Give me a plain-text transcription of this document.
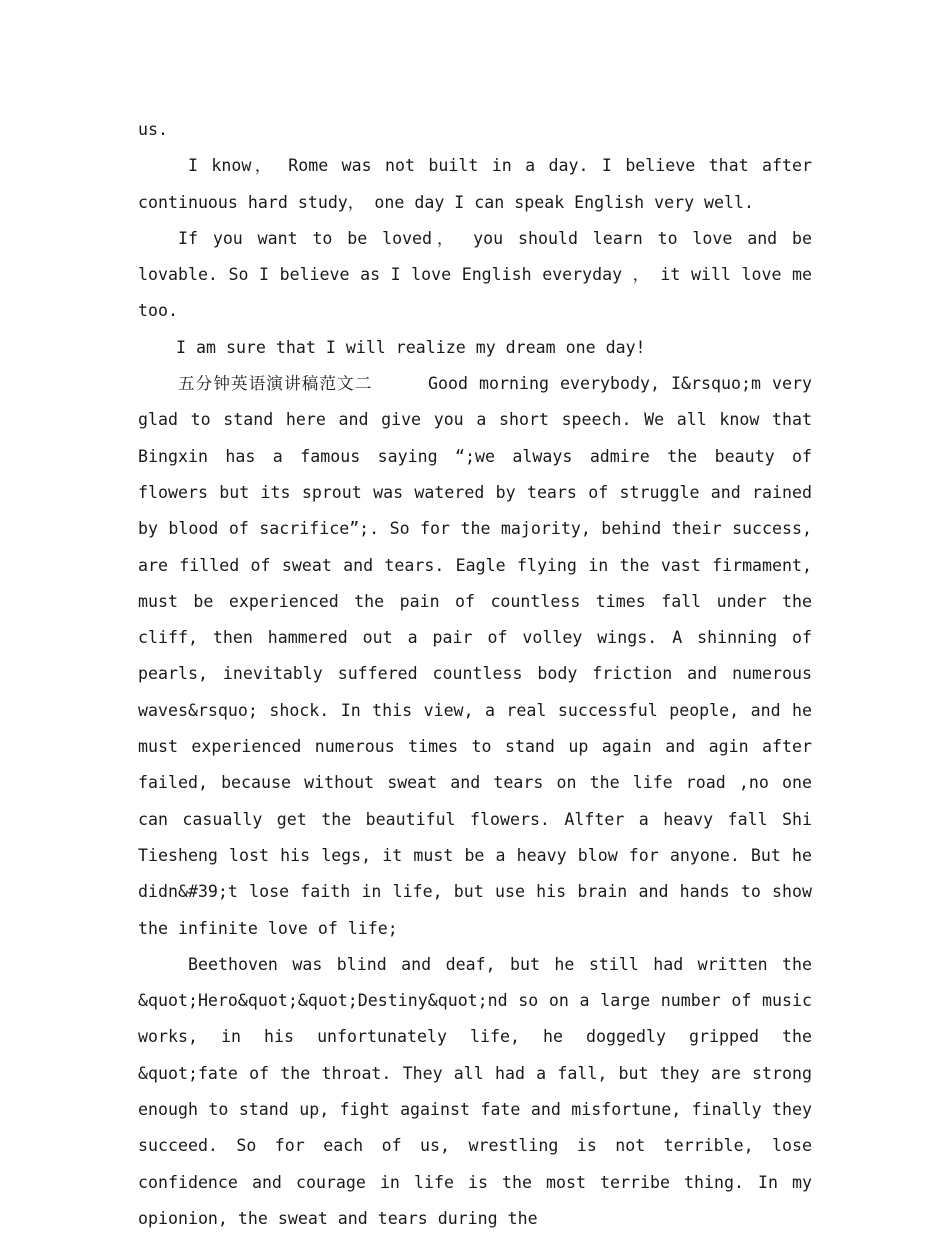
us.

I know， Rome was not built in a day. I believe that after continuous hard study， one day I can speak English very well.

If you want to be loved， you should learn to love and be lovable. So I believe as I love English everyday ， it will love me too.

I am sure that I will realize my dream one day!

五分钟英语演讲稿范文二	Good morning everybody, I&rsquo;m very glad to stand here and give you a short speech. We all know that Bingxin has a famous saying “;we always admire the beauty of flowers but its sprout was watered by tears of struggle and rained by blood of sacrifice”;. So for the majority, behind their success, are filled of sweat and tears. Eagle flying in the vast firmament, must be experienced the pain of countless times fall under the cliff, then hammered out a pair of volley wings. A shinning of pearls, inevitably suffered countless body friction and numerous waves&rsquo; shock. In this view, a real successful people, and he must experienced numerous times to stand up again and agin after failed, because without sweat and tears on the life road ,no one can casually get the beautiful flowers. Alfter a heavy fall Shi Tiesheng lost his legs, it must be a heavy blow for anyone. But he didn&#39;t lose faith in life, but use his brain and hands to show the infinite love of life;

Beethoven was blind and deaf, but he still had written the &quot;Hero&quot;&quot;Destiny&quot;nd so on a large number of music works, in his unfortunately life, he doggedly gripped the &quot;fate of the throat. They all had a fall, but they are strong enough to stand up, fight against fate and misfortune, finally they succeed. So for each of us, wrestling is not terrible, lose confidence and courage in life is the most terribe thing. In my opionion, the sweat and tears during the
